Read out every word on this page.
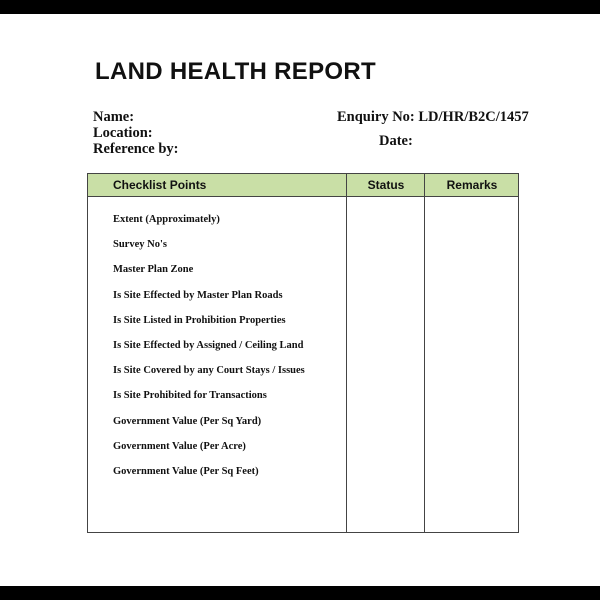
LAND HEALTH REPORT
Name:
Location:
Reference by:
Enquiry No: LD/HR/B2C/1457
Date:
Checklist Points	Status	Remarks
Extent (Approximately)
Survey No's
Master Plan Zone
Is Site Effected by Master Plan Roads
Is Site Listed in Prohibition Properties
Is Site Effected by Assigned / Ceiling Land
Is Site Covered by any Court Stays / Issues
Is Site Prohibited for Transactions
Government Value (Per Sq Yard)
Government Value (Per Acre)
Government Value (Per Sq Feet)
